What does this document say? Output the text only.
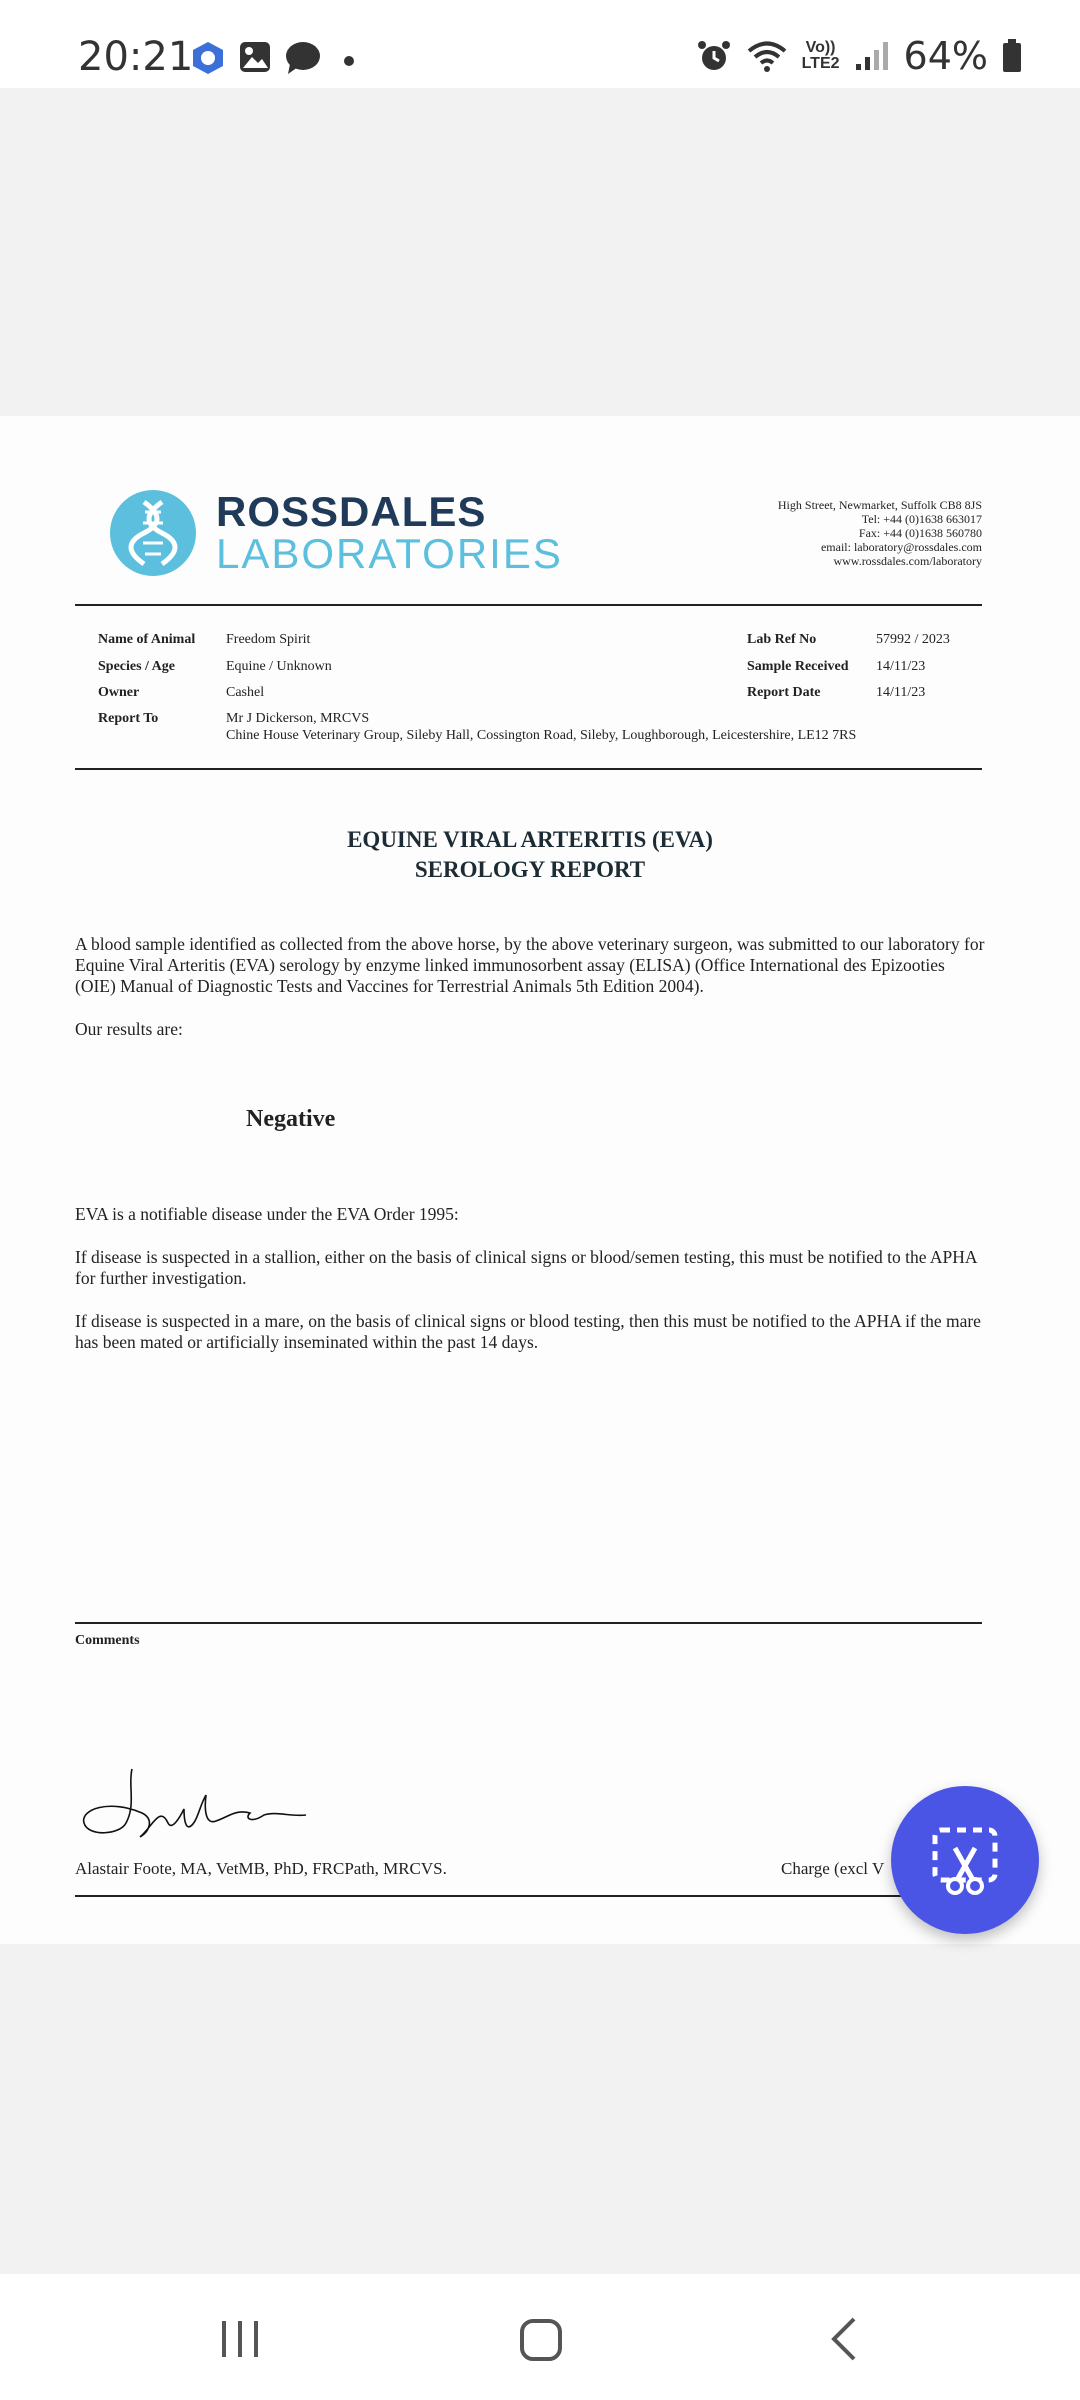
20:21	Vo))
LTE2 64%
ROSSDALES
LABORATORIES
High Street, Newmarket, Suffolk CB8 8JS
Tel: +44 (0)1638 663017
Fax: +44 (0)1638 560780
email: laboratory@rossdales.com
www.rossdales.com/laboratory
Name of Animal Freedom Spirit
Species / Age	Equine / Unknown
Owner	Cashel
Report To	Mr J Dickerson, MRCVS
Chine House Veterinary Group, Sileby Hall, Cossington Road, Sileby, Loughborough, Leicestershire, LE12 7RS
Lab Ref No	57992 / 2023
Sample Received 14/11/23
Report Date	14/11/23
EQUINE VIRAL ARTERITIS (EVA)
SEROLOGY REPORT
A blood sample identified as collected from the above horse, by the above veterinary surgeon, was submitted to our laboratory for Equine Viral Arteritis (EVA) serology by enzyme linked immunosorbent assay (ELISA) (Office International des Epizooties (OIE) Manual of Diagnostic Tests and Vaccines for Terrestrial Animals 5th Edition 2004).
Our results are:
Negative
EVA is a notifiable disease under the EVA Order 1995:
If disease is suspected in a stallion, either on the basis of clinical signs or blood/semen testing, this must be notified to the APHA for further investigation.
If disease is suspected in a mare, on the basis of clinical signs or blood testing, then this must be notified to the APHA if the mare has been mated or artificially inseminated within the past 14 days.
Comments
Alastair Foote, MA, VetMB, PhD, FRCPath, MRCVS.	Charge (excl V
